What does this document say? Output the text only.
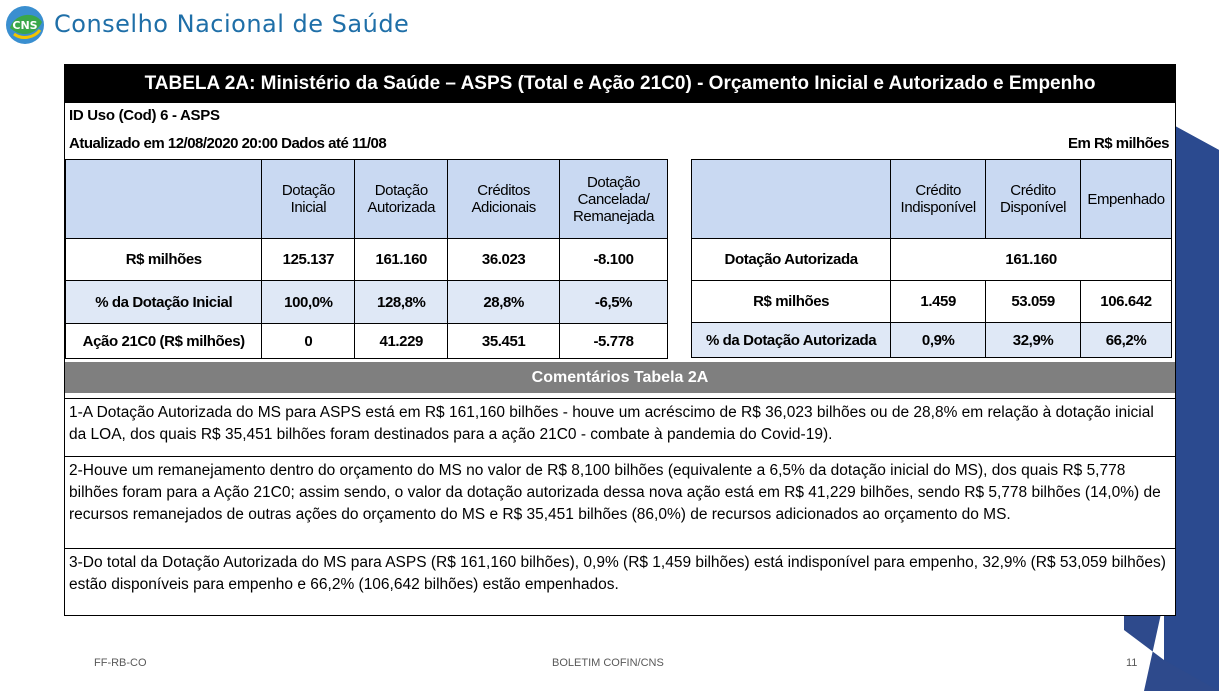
CNS Conselho Nacional de Saúde
TABELA 2A: Ministério da Saúde – ASPS (Total e Ação 21C0) - Orçamento Inicial e Autorizado e Empenho
ID Uso (Cod) 6 - ASPS
Atualizado em 12/08/2020 20:00 Dados até 11/08	Em R$ milhões
	Dotação Inicial	Dotação Autorizada	Créditos Adicionais	Dotação Cancelada/ Remanejada
R$ milhões	125.137	161.160	36.023	-8.100
% da Dotação Inicial	100,0%	128,8%	28,8%	-6,5%
Ação 21C0 (R$ milhões)	0	41.229	35.451	-5.778
	Crédito Indisponível	Crédito Disponível	Empenhado
Dotação Autorizada	161.160		
R$ milhões	1.459	53.059	106.642
% da Dotação Autorizada	0,9%	32,9%	66,2%
Comentários Tabela 2A
1-A Dotação Autorizada do MS para ASPS está em R$ 161,160 bilhões - houve um acréscimo de R$ 36,023 bilhões ou de 28,8% em relação à dotação inicial da LOA, dos quais R$ 35,451 bilhões foram destinados para a ação 21C0 - combate à pandemia do Covid-19).
2-Houve um remanejamento dentro do orçamento do MS no valor de R$ 8,100 bilhões (equivalente a 6,5% da dotação inicial do MS), dos quais R$ 5,778 bilhões foram para a Ação 21C0; assim sendo, o valor da dotação autorizada dessa nova ação está em R$ 41,229 bilhões, sendo R$ 5,778 bilhões (14,0%) de recursos remanejados de outras ações do orçamento do MS e R$ 35,451 bilhões (86,0%) de recursos adicionados ao orçamento do MS.
3-Do total da Dotação Autorizada do MS para ASPS (R$ 161,160 bilhões), 0,9% (R$ 1,459 bilhões) está indisponível para empenho, 32,9% (R$ 53,059 bilhões) estão disponíveis para empenho e 66,2% (106,642 bilhões) estão empenhados.
FF-RB-CO	BOLETIM COFIN/CNS	11
